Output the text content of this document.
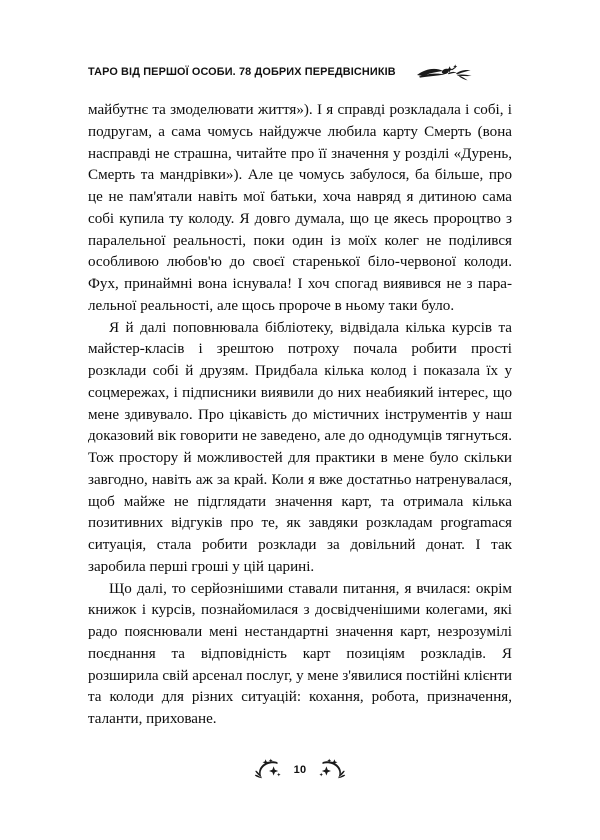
ТАРО ВІД ПЕРШОЇ ОСОБИ. 78 ДОБРИХ ПЕРЕДВІСНИКІВ

майбутнє та змоделювати життя»). І я справді розкладала і собі, і подругам, а сама чомусь найдужче любила карту Смерть (вона насправді не страшна, читайте про її значення у розділі «Дурень, Смерть та мандрівки»). Але це чомусь забулося, ба більше, про це не пам'ятали навіть мої батьки, хоча навряд я дитиною сама собі купила ту колоду. Я довго думала, що це якесь пророцтво з паралельної реальності, поки один із моїх колег не поділився особливою любов'ю до своєї старенької біло-червоної колоди. Фух, принаймні вона існувала! І хоч спогад виявився не з паралельної реальності, але щось пророче в ньому таки було.

Я й далі поповнювала бібліотеку, відвідала кілька курсів та майстер-класів і зрештою потроху почала робити прості розклади собі й друзям. Придбала кілька колод і показала їх у соцмережах, і підписники виявили до них неабиякий інтерес, що мене здивувало. Про цікавість до містичних інструментів у наш доказовий вік говорити не заведено, але до однодумців тягнуться. Тож простору й можливостей для практики в мене було скільки завгодно, навіть аж за край. Коли я вже достатньо натренувалася, щоб майже не підглядати значення карт, та отримала кілька позитивних відгуків про те, як завдяки розкладам programася ситуація, стала робити розклади за довільний донат. І так заробила перші гроші у цій царині.

Що далі, то серйознішими ставали питання, я вчилася: окрім книжок і курсів, познайомилася з досвідченішими колегами, які радо пояснювали мені нестандартні значення карт, незрозумілі поєднання та відповідність карт позиціям розкладів. Я розширила свій арсенал послуг, у мене з'явилися постійні клієнти та колоди для різних ситуацій: кохання, робота, призначення, таланти, приховане.

10
